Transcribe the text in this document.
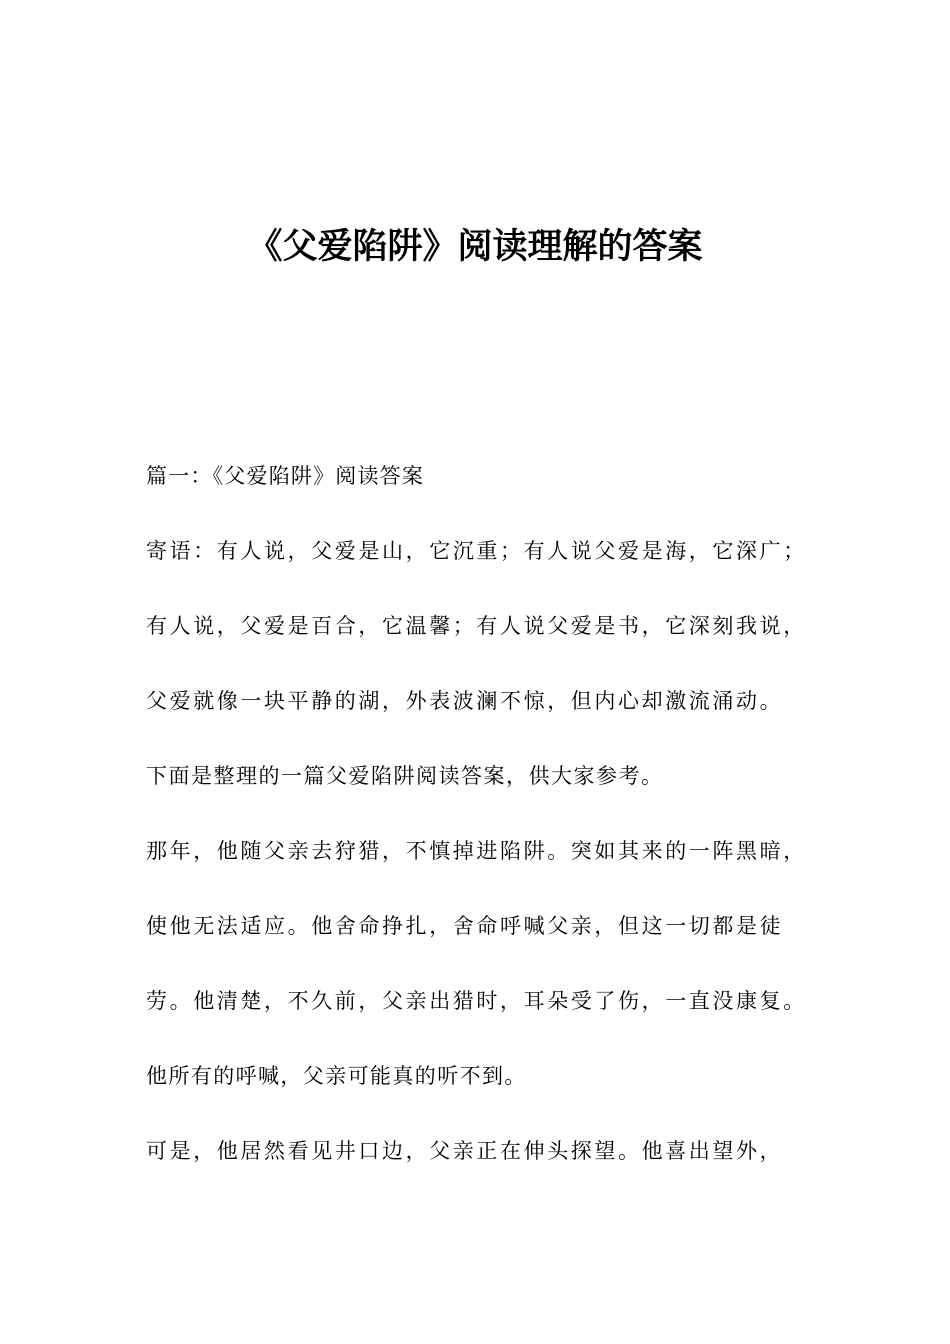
《父爱陷阱》阅读理解的答案

篇一：《父爱陷阱》阅读答案

寄语：有人说，父爱是山，它沉重；有人说父爱是海，它深广；

有人说，父爱是百合，它温馨；有人说父爱是书，它深刻我说，

父爱就像一块平静的湖，外表波澜不惊，但内心却激流涌动。

下面是整理的一篇父爱陷阱阅读答案，供大家参考。

那年，他随父亲去狩猎，不慎掉进陷阱。突如其来的一阵黑暗，

使他无法适应。他舍命挣扎，舍命呼喊父亲，但这一切都是徒

劳。他清楚，不久前，父亲出猎时，耳朵受了伤，一直没康复。

他所有的呼喊，父亲可能真的听不到。

可是，他居然看见井口边，父亲正在伸头探望。他喜出望外，
